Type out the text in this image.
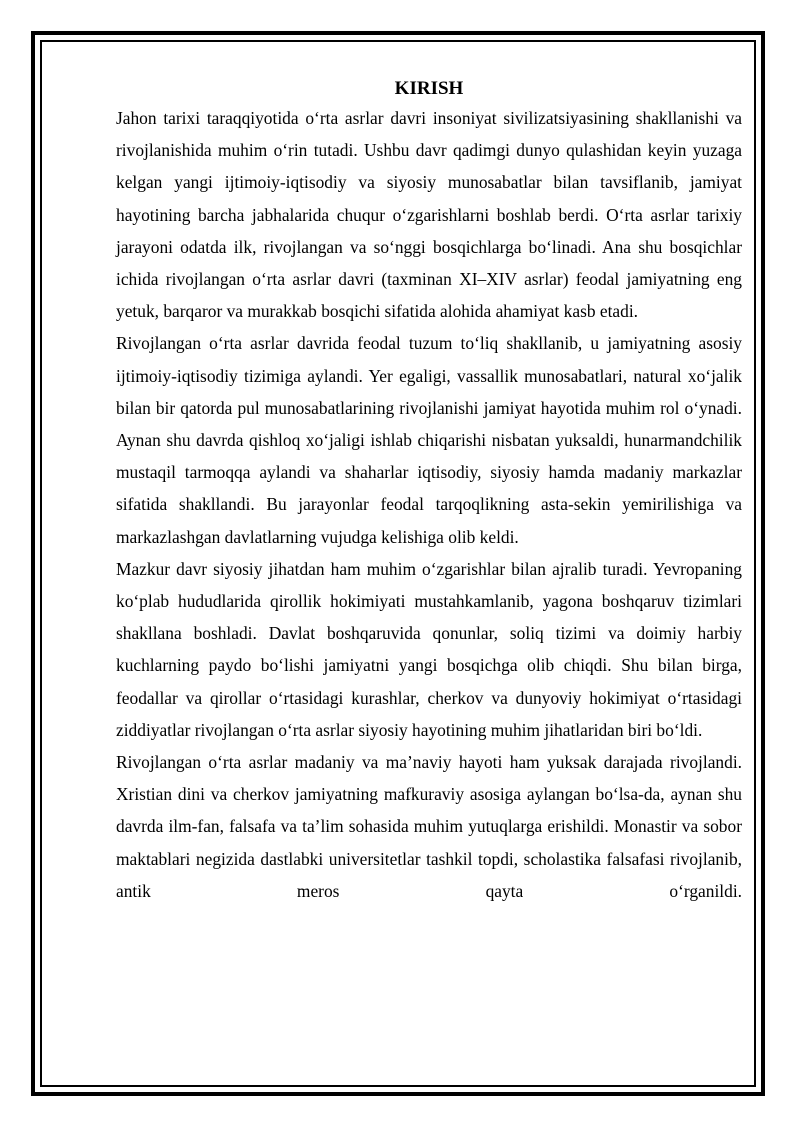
KIRISH

Jahon tarixi taraqqiyotida o‘rta asrlar davri insoniyat sivilizatsiyasining shakllanishi va rivojlanishida muhim o‘rin tutadi. Ushbu davr qadimgi dunyo qulashidan keyin yuzaga kelgan yangi ijtimoiy-iqtisodiy va siyosiy munosabatlar bilan tavsiflanib, jamiyat hayotining barcha jabhalarida chuqur o‘zgarishlarni boshlab berdi. O‘rta asrlar tarixiy jarayoni odatda ilk, rivojlangan va so‘nggi bosqichlarga bo‘linadi. Ana shu bosqichlar ichida rivojlangan o‘rta asrlar davri (taxminan XI–XIV asrlar) feodal jamiyatning eng yetuk, barqaror va murakkab bosqichi sifatida alohida ahamiyat kasb etadi.

Rivojlangan o‘rta asrlar davrida feodal tuzum to‘liq shakllanib, u jamiyatning asosiy ijtimoiy-iqtisodiy tizimiga aylandi. Yer egaligi, vassallik munosabatlari, natural xo‘jalik bilan bir qatorda pul munosabatlarining rivojlanishi jamiyat hayotida muhim rol o‘ynadi. Aynan shu davrda qishloq xo‘jaligi ishlab chiqarishi nisbatan yuksaldi, hunarmandchilik mustaqil tarmoqqa aylandi va shaharlar iqtisodiy, siyosiy hamda madaniy markazlar sifatida shakllandi. Bu jarayonlar feodal tarqoqlikning asta-sekin yemirilishiga va markazlashgan davlatlarning vujudga kelishiga olib keldi.

Mazkur davr siyosiy jihatdan ham muhim o‘zgarishlar bilan ajralib turadi. Yevropaning ko‘plab hududlarida qirollik hokimiyati mustahkamlanib, yagona boshqaruv tizimlari shakllana boshladi. Davlat boshqaruvida qonunlar, soliq tizimi va doimiy harbiy kuchlarning paydo bo‘lishi jamiyatni yangi bosqichga olib chiqdi. Shu bilan birga, feodallar va qirollar o‘rtasidagi kurashlar, cherkov va dunyoviy hokimiyat o‘rtasidagi ziddiyatlar rivojlangan o‘rta asrlar siyosiy hayotining muhim jihatlaridan biri bo‘ldi.

Rivojlangan o‘rta asrlar madaniy va ma’naviy hayoti ham yuksak darajada rivojlandi. Xristian dini va cherkov jamiyatning mafkuraviy asosiga aylangan bo‘lsa-da, aynan shu davrda ilm-fan, falsafa va ta’lim sohasida muhim yutuqlarga erishildi. Monastir va sobor maktablari negizida dastlabki universitetlar tashkil topdi, scholastika falsafasi rivojlanib, antik meros qayta o‘rganildi.
